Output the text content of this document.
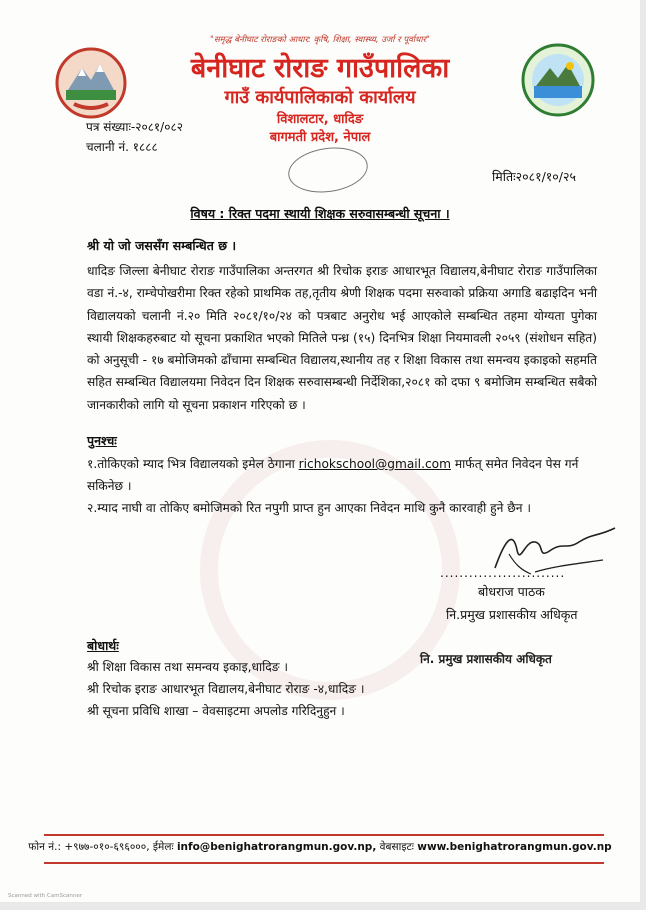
"समृद्ध बेनीघाट रोराङको आधार: कृषि, शिक्षा, स्वास्थ्य, उर्जा र पूर्वाधार"
बेनीघाट रोराङ गाउँपालिका
गाउँ कार्यपालिकाको कार्यालय
विशालटार, धादिङ
बागमती प्रदेश, नेपाल
पत्र संख्याः-२०८१/०८२
चलानी नं. १८८८
मितिः२०८१/१०/२५
विषय : रिक्त पदमा स्थायी शिक्षक सरुवासम्बन्धी सूचना ।
श्री यो जो जससँग सम्बन्धित छ ।
धादिङ जिल्ला बेनीघाट रोराङ गाउँपालिका अन्तरगत श्री रिचोक इराङ आधारभूत विद्यालय,बेनीघाट रोराङ गाउँपालिका वडा नं.-४, राम्चेपोखरीमा रिक्त रहेको प्राथमिक तह,तृतीय श्रेणी शिक्षक पदमा सरुवाको प्रक्रिया अगाडि बढाइदिन भनी विद्यालयको चलानी नं.२० मिति २०८१/१०/२४ को पत्रबाट अनुरोध भई आएकोले सम्बन्धित तहमा योग्यता पुगेका स्थायी शिक्षकहरुबाट यो सूचना प्रकाशित भएको मितिले पन्ध्र (१५) दिनभित्र शिक्षा नियमावली २०५९ (संशोधन सहित) को अनुसूची - १७ बमोजिमको ढाँचामा सम्बन्धित विद्यालय,स्थानीय तह र शिक्षा विकास तथा समन्वय इकाइको सहमति सहित सम्बन्धित विद्यालयमा निवेदन दिन शिक्षक सरुवासम्बन्धी निर्देशिका,२०८१ को दफा ९ बमोजिम सम्बन्धित सबैको जानकारीको लागि यो सूचना प्रकाशन गरिएको छ ।
पुनश्चः
१.तोकिएको म्याद भित्र विद्यालयको इमेल ठेगाना richokschool@gmail.com मार्फत् समेत निवेदन पेस गर्न सकिनेछ ।
२.म्याद नाघी वा तोकिए बमोजिमको रित नपुगी प्राप्त हुन आएका निवेदन माथि कुनै कारवाही हुने छैन ।
..........................
बोधराज पाठक
नि.प्रमुख प्रशासकीय अधिकृत
बोधार्थः
श्री शिक्षा विकास तथा समन्वय इकाइ,धादिङ ।
श्री रिचोक इराङ आधारभूत विद्यालय,बेनीघाट रोराङ -४,धादिङ ।
श्री सूचना प्रविधि शाखा – वेवसाइटमा अपलोड गरिदिनुहुन ।
नि. प्रमुख प्रशासकीय अधिकृत
फोन नं.: +९७७-०१०-६९६०००, ईमेलः info@benighatrorangmun.gov.np, वेबसाइटः www.benighatrorangmun.gov.np
Scanned with CamScanner
